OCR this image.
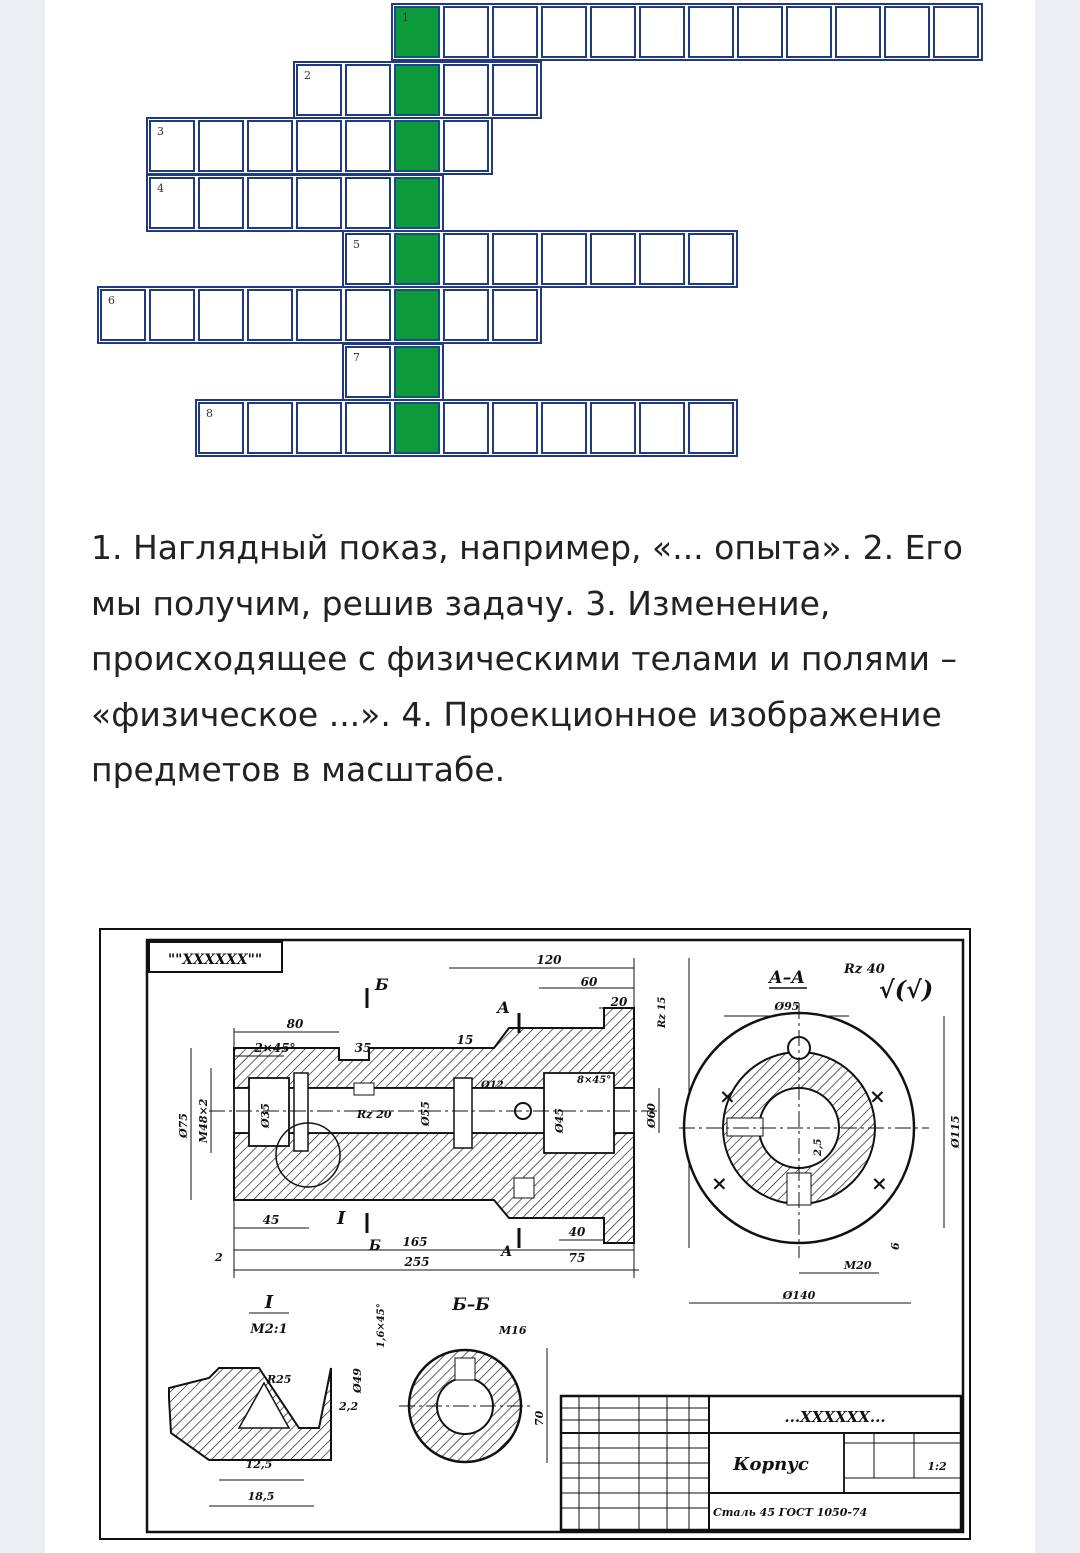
1
2
3
4
5
6
7
8

1. Наглядный показ, например, «... опыта». 2. Его мы получим, решив задачу. 3. Изменение, происходящее с физическими телами и полями – «физическое ...». 4. Проекционное изображение предметов в масштабе.

""XXXXXX""
Б
Б
А
А
I
120
60
20
80
2×45°	35
15
45
165
255
40
75
Ø75 M48×2	Ø35	Rz 20 Ø55
Ø12
Ø45
8×45°
Ø60
Rz 15
2
А–А	Rz 40
√(√)
Ø95
×	×
×	×
Ø115
Ø140
M20
6
2,5
I
М2:1
R25
12,5
18,5
Ø49
1,6×45°
2,2
Б–Б
M16
70	...XXXXXX...
Корпус	1:2
Сталь 45 ГОСТ 1050-74
